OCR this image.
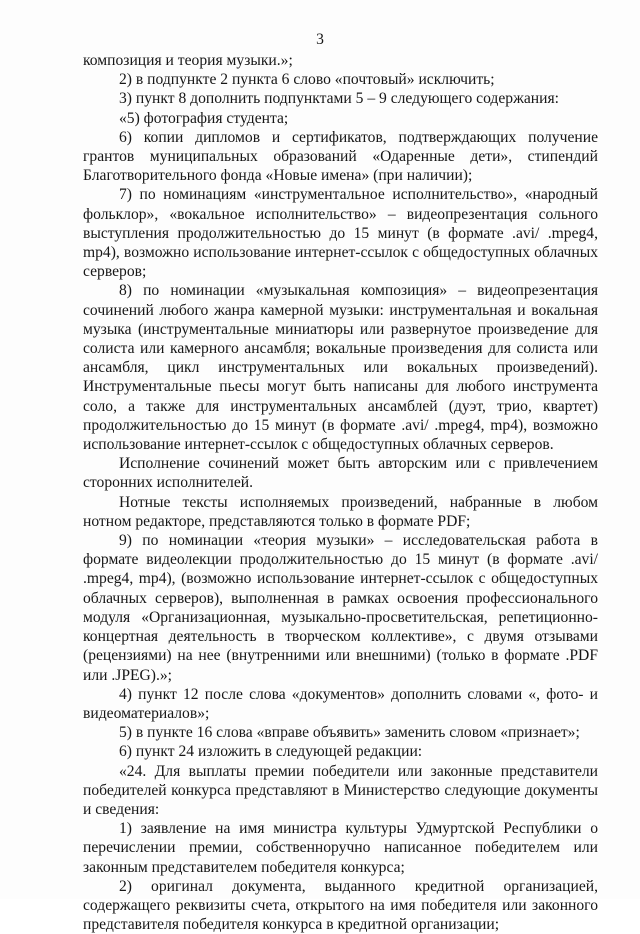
3

композиция и теория музыки.»;

2) в подпункте 2 пункта 6 слово «почтовый» исключить;

3) пункт 8 дополнить подпунктами 5 – 9 следующего содержания:

«5) фотография студента;

6) копии дипломов и сертификатов, подтверждающих получение грантов муниципальных образований «Одаренные дети», стипендий Благотворительного фонда «Новые имена» (при наличии);

7) по номинациям «инструментальное исполнительство», «народный фольклор», «вокальное исполнительство» – видеопрезентация сольного выступления продолжительностью до 15 минут (в формате .avi/ .mpeg4, mp4), возможно использование интернет-ссылок с общедоступных облачных серверов;

8) по номинации «музыкальная композиция» – видеопрезентация сочинений любого жанра камерной музыки: инструментальная и вокальная музыка (инструментальные миниатюры или развернутое произведение для солиста или камерного ансамбля; вокальные произведения для солиста или ансамбля, цикл инструментальных или вокальных произведений). Инструментальные пьесы могут быть написаны для любого инструмента соло, а также для инструментальных ансамблей (дуэт, трио, квартет) продолжительностью до 15 минут (в формате .avi/ .mpeg4, mp4), возможно использование интернет-ссылок с общедоступных облачных серверов.

Исполнение сочинений может быть авторским или с привлечением сторонних исполнителей.

Нотные тексты исполняемых произведений, набранные в любом нотном редакторе, представляются только в формате PDF;

9) по номинации «теория музыки» – исследовательская работа в формате видеолекции продолжительностью до 15 минут (в формате .avi/ .mpeg4, mp4), (возможно использование интернет-ссылок с общедоступных облачных серверов), выполненная в рамках освоения профессионального модуля «Организационная, музыкально-просветительская, репетиционно-концертная деятельность в творческом коллективе», с двумя отзывами (рецензиями) на нее (внутренними или внешними) (только в формате .PDF или .JPEG).»;

4) пункт 12 после слова «документов» дополнить словами «, фото- и видеоматериалов»;

5) в пункте 16 слова «вправе объявить» заменить словом «признает»;

6) пункт 24 изложить в следующей редакции:

«24. Для выплаты премии победители или законные представители победителей конкурса представляют в Министерство следующие документы и сведения:

1) заявление на имя министра культуры Удмуртской Республики о перечислении премии, собственноручно написанное победителем или законным представителем победителя конкурса;

2) оригинал документа, выданного кредитной организацией, содержащего реквизиты счета, открытого на имя победителя или законного представителя победителя конкурса в кредитной организации;
